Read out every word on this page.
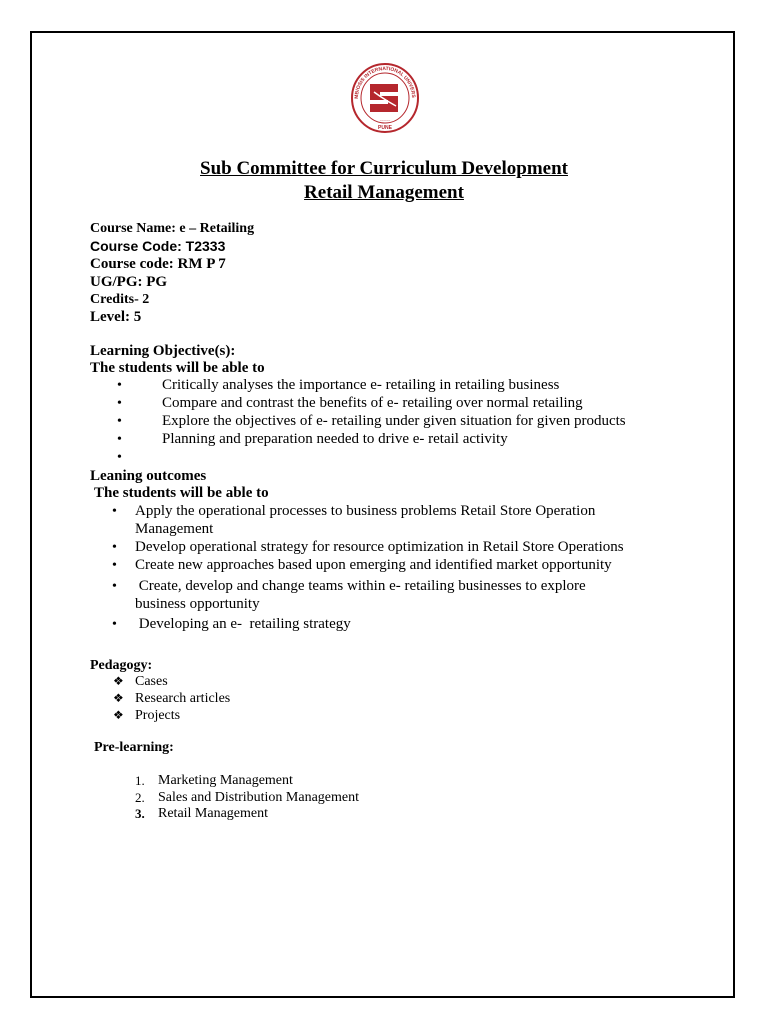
~~~~~~
MBIOSIS INTERNATIONAL UNIVERS
PUNE
Sub Committee for Curriculum Development
Retail Management
Course Name: e – Retailing
Course Code: T2333
Course code: RM P 7
UG/PG: PG
Credits- 2
Level: 5
Learning Objective(s):
The students will be able to
•	Critically analyses the importance e- retailing in retailing business
•	Compare and contrast the benefits of e- retailing over normal retailing
•	Explore the objectives of e- retailing under given situation for given products
•	Planning and preparation needed to drive e- retail activity
•
Leaning outcomes
The students will be able to
• Apply the operational processes to business problems Retail Store Operation
Management
• Develop operational strategy for resource optimization in Retail Store Operations
• Create new approaches based upon emerging and identified market opportunity
• Create, develop and change teams within e- retailing businesses to explore
business opportunity
• Developing an e-  retailing strategy
Pedagogy:
❖ Cases
❖ Research articles
❖ Projects
Pre-learning:
1. Marketing Management
2. Sales and Distribution Management
3. Retail Management
